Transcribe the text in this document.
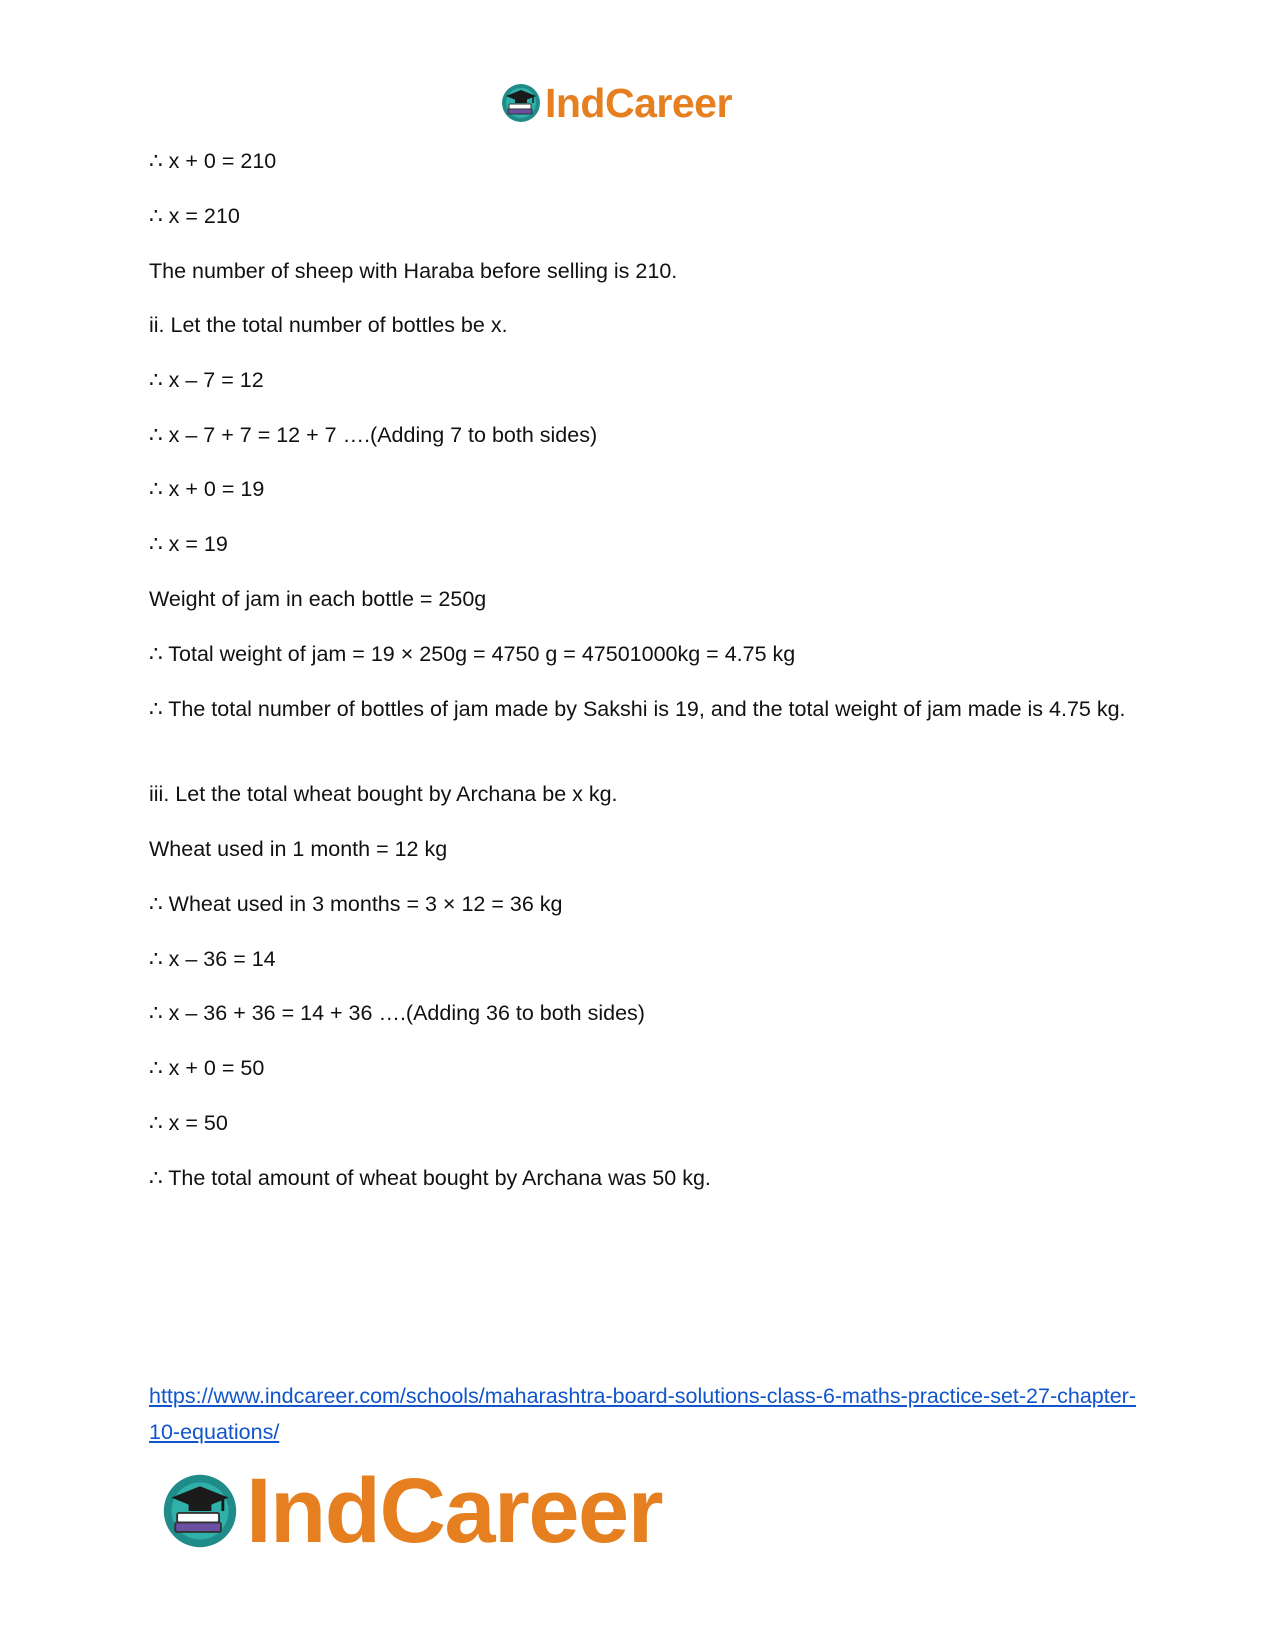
IndCareer
∴ x + 0 = 210
∴ x = 210
The number of sheep with Haraba before selling is 210.
ii. Let the total number of bottles be x.
∴ x – 7 = 12
∴ x – 7 + 7 = 12 + 7 ….(Adding 7 to both sides)
∴ x + 0 = 19
∴ x = 19
Weight of jam in each bottle = 250g
∴ Total weight of jam = 19 × 250g = 4750 g = 47501000kg = 4.75 kg
∴ The total number of bottles of jam made by Sakshi is 19, and the total weight of jam made is 4.75 kg.
iii. Let the total wheat bought by Archana be x kg.
Wheat used in 1 month = 12 kg
∴ Wheat used in 3 months = 3 × 12 = 36 kg
∴ x – 36 = 14
∴ x – 36 + 36 = 14 + 36 ….(Adding 36 to both sides)
∴ x + 0 = 50
∴ x = 50
∴ The total amount of wheat bought by Archana was 50 kg.
https://www.indcareer.com/schools/maharashtra-board-solutions-class-6-maths-practice-set-27-chapter-10-equations/
IndCareer
